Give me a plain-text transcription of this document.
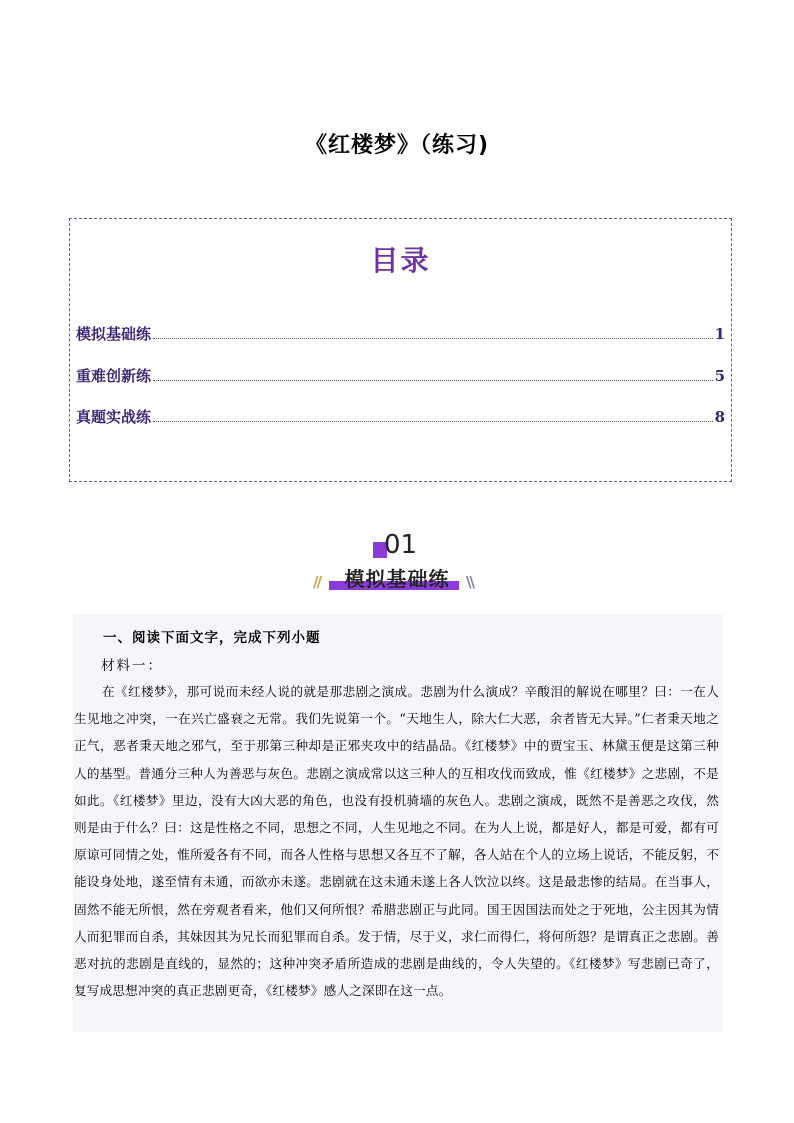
《红楼梦》（练习)
目录
模拟基础练	1
重难创新练	5
真题实战练	8
01
模拟基础练
//	\\
一、阅读下面文字，完成下列小题
材料一：
在《红楼梦》，那可说而未经人说的就是那悲剧之演成。悲剧为什么演成？辛酸泪的解说在哪里？曰：一在人生见地之冲突，一在兴亡盛衰之无常。我们先说第一个。“天地生人，除大仁大恶，余者皆无大异。”仁者秉天地之正气，恶者秉天地之邪气，至于那第三种却是正邪夹攻中的结晶品。《红楼梦》中的贾宝玉、林黛玉便是这第三种人的基型。普通分三种人为善恶与灰色。悲剧之演成常以这三种人的互相攻伐而致成，惟《红楼梦》之悲剧，不是如此。《红楼梦》里边，没有大凶大恶的角色，也没有投机骑墙的灰色人。悲剧之演成，既然不是善恶之攻伐，然则是由于什么？曰：这是性格之不同，思想之不同，人生见地之不同。在为人上说，都是好人，都是可爱，都有可原谅可同情之处，惟所爱各有不同，而各人性格与思想又各互不了解，各人站在个人的立场上说话，不能反躬，不能设身处地，遂至情有未通，而欲亦未遂。悲剧就在这未通未遂上各人饮泣以终。这是最悲惨的结局。在当事人，固然不能无所恨，然在旁观者看来，他们又何所恨？希腊悲剧正与此同。国王因国法而处之于死地，公主因其为情人而犯罪而自杀，其妹因其为兄长而犯罪而自杀。发于情，尽于义，求仁而得仁，将何所怨？是谓真正之悲剧。善恶对抗的悲剧是直线的，显然的；这种冲突矛盾所造成的悲剧是曲线的，令人失望的。《红楼梦》写悲剧已奇了，复写成思想冲突的真正悲剧更奇，《红楼梦》感人之深即在这一点。
